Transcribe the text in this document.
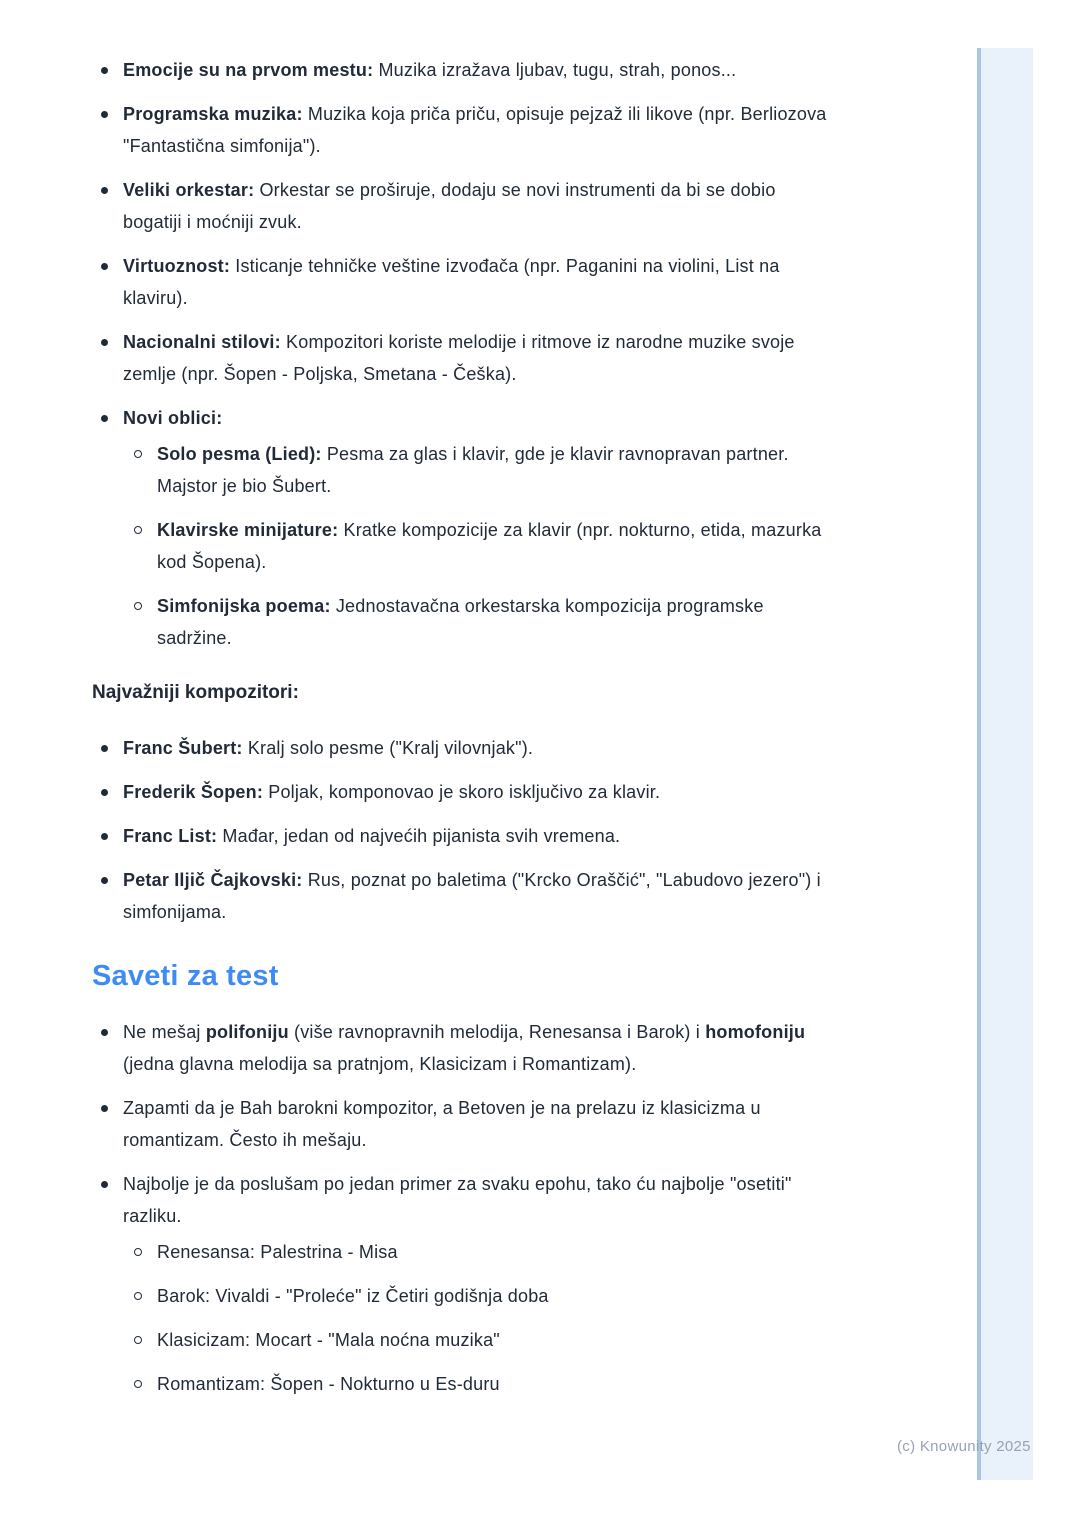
Emocije su na prvom mestu: Muzika izražava ljubav, tugu, strah, ponos...
Programska muzika: Muzika koja priča priču, opisuje pejzaž ili likove (npr. Berliozova "Fantastična simfonija").
Veliki orkestar: Orkestar se proširuje, dodaju se novi instrumenti da bi se dobio bogatiji i moćniji zvuk.
Virtuoznost: Isticanje tehničke veštine izvođača (npr. Paganini na violini, List na klaviru).
Nacionalni stilovi: Kompozitori koriste melodije i ritmove iz narodne muzike svoje zemlje (npr. Šopen - Poljska, Smetana - Češka).
Novi oblici:
Solo pesma (Lied): Pesma za glas i klavir, gde je klavir ravnopravan partner. Majstor je bio Šubert.
Klavirske minijature: Kratke kompozicije za klavir (npr. nokturno, etida, mazurka kod Šopena).
Simfonijska poema: Jednostavačna orkestarska kompozicija programske sadržine.
Najvažniji kompozitori:
Franc Šubert: Kralj solo pesme ("Kralj vilovnjak").
Frederik Šopen: Poljak, komponovao je skoro isključivo za klavir.
Franc List: Mađar, jedan od najvećih pijanista svih vremena.
Petar Iljič Čajkovski: Rus, poznat po baletima ("Krcko Oraščić", "Labudovo jezero") i simfonijama.
Saveti za test
Ne mešaj polifoniju (više ravnopravnih melodija, Renesansa i Barok) i homofoniju (jedna glavna melodija sa pratnjom, Klasicizam i Romantizam).
Zapamti da je Bah barokni kompozitor, a Betoven je na prelazu iz klasicizma u romantizam. Često ih mešaju.
Najbolje je da poslušam po jedan primer za svaku epohu, tako ću najbolje "osetiti" razliku.
Renesansa: Palestrina - Misa
Barok: Vivaldi - "Proleće" iz Četiri godišnja doba
Klasicizam: Mocart - "Mala noćna muzika"
Romantizam: Šopen - Nokturno u Es-duru
(c) Knowunity 2025
